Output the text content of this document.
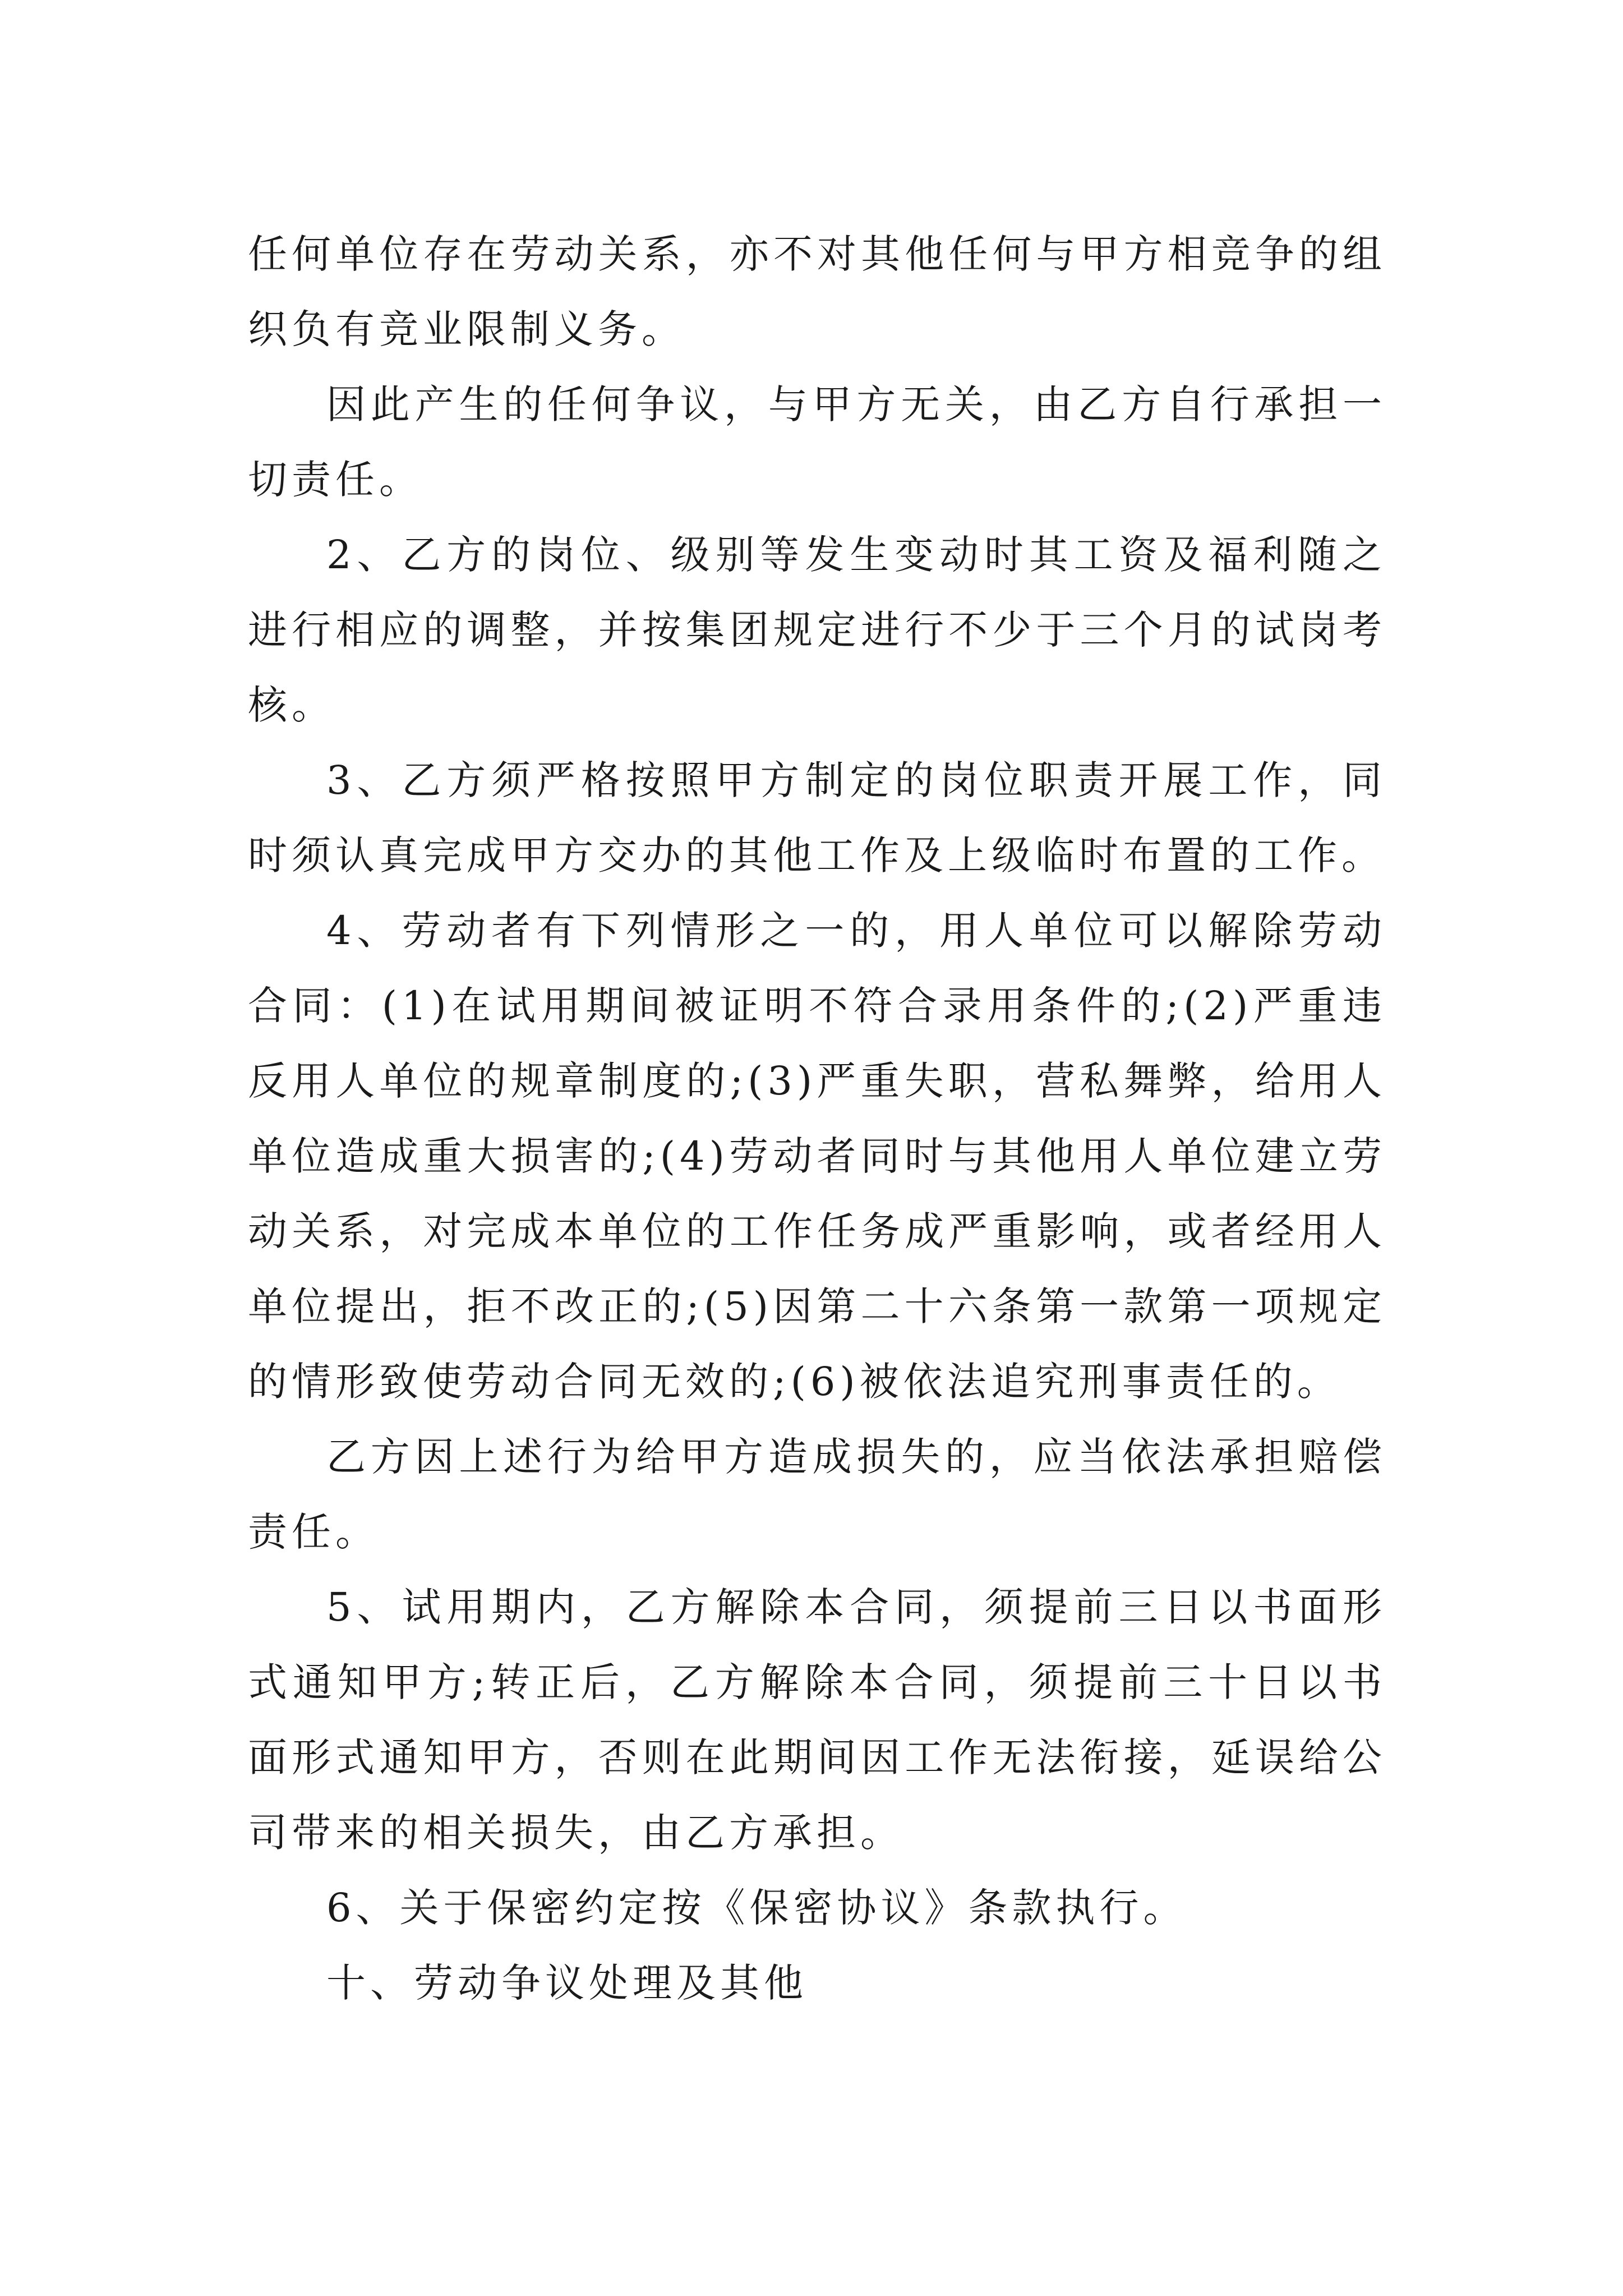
任何单位存在劳动关系，亦不对其他任何与甲方相竞争的组织负有竞业限制义务。

因此产生的任何争议，与甲方无关，由乙方自行承担一切责任。

2、乙方的岗位、级别等发生变动时其工资及福利随之进行相应的调整，并按集团规定进行不少于三个月的试岗考核。

3、乙方须严格按照甲方制定的岗位职责开展工作，同时须认真完成甲方交办的其他工作及上级临时布置的工作。

4、劳动者有下列情形之一的，用人单位可以解除劳动合同：(1)在试用期间被证明不符合录用条件的;(2)严重违反用人单位的规章制度的;(3)严重失职，营私舞弊，给用人单位造成重大损害的;(4)劳动者同时与其他用人单位建立劳动关系，对完成本单位的工作任务成严重影响，或者经用人单位提出，拒不改正的;(5)因第二十六条第一款第一项规定的情形致使劳动合同无效的;(6)被依法追究刑事责任的。

乙方因上述行为给甲方造成损失的，应当依法承担赔偿责任。

5、试用期内，乙方解除本合同，须提前三日以书面形式通知甲方;转正后，乙方解除本合同，须提前三十日以书面形式通知甲方，否则在此期间因工作无法衔接，延误给公司带来的相关损失，由乙方承担。

6、关于保密约定按《保密协议》条款执行。

十、劳动争议处理及其他
